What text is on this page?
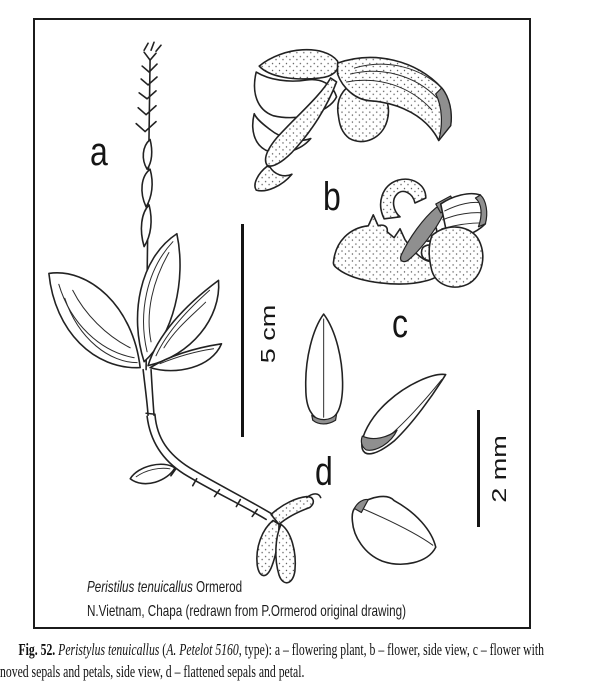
a
b
c
d
5 cm
2 mm
Peristilus tenuicallus Ormerod
N.Vietnam, Chapa (redrawn from P.Ormerod original drawing)
Fig. 52. Peristylus tenuicallus (A. Petelot 5160, type): a – flowering plant, b – flower, side view, c – flower with
noved sepals and petals, side view, d – flattened sepals and petal.
